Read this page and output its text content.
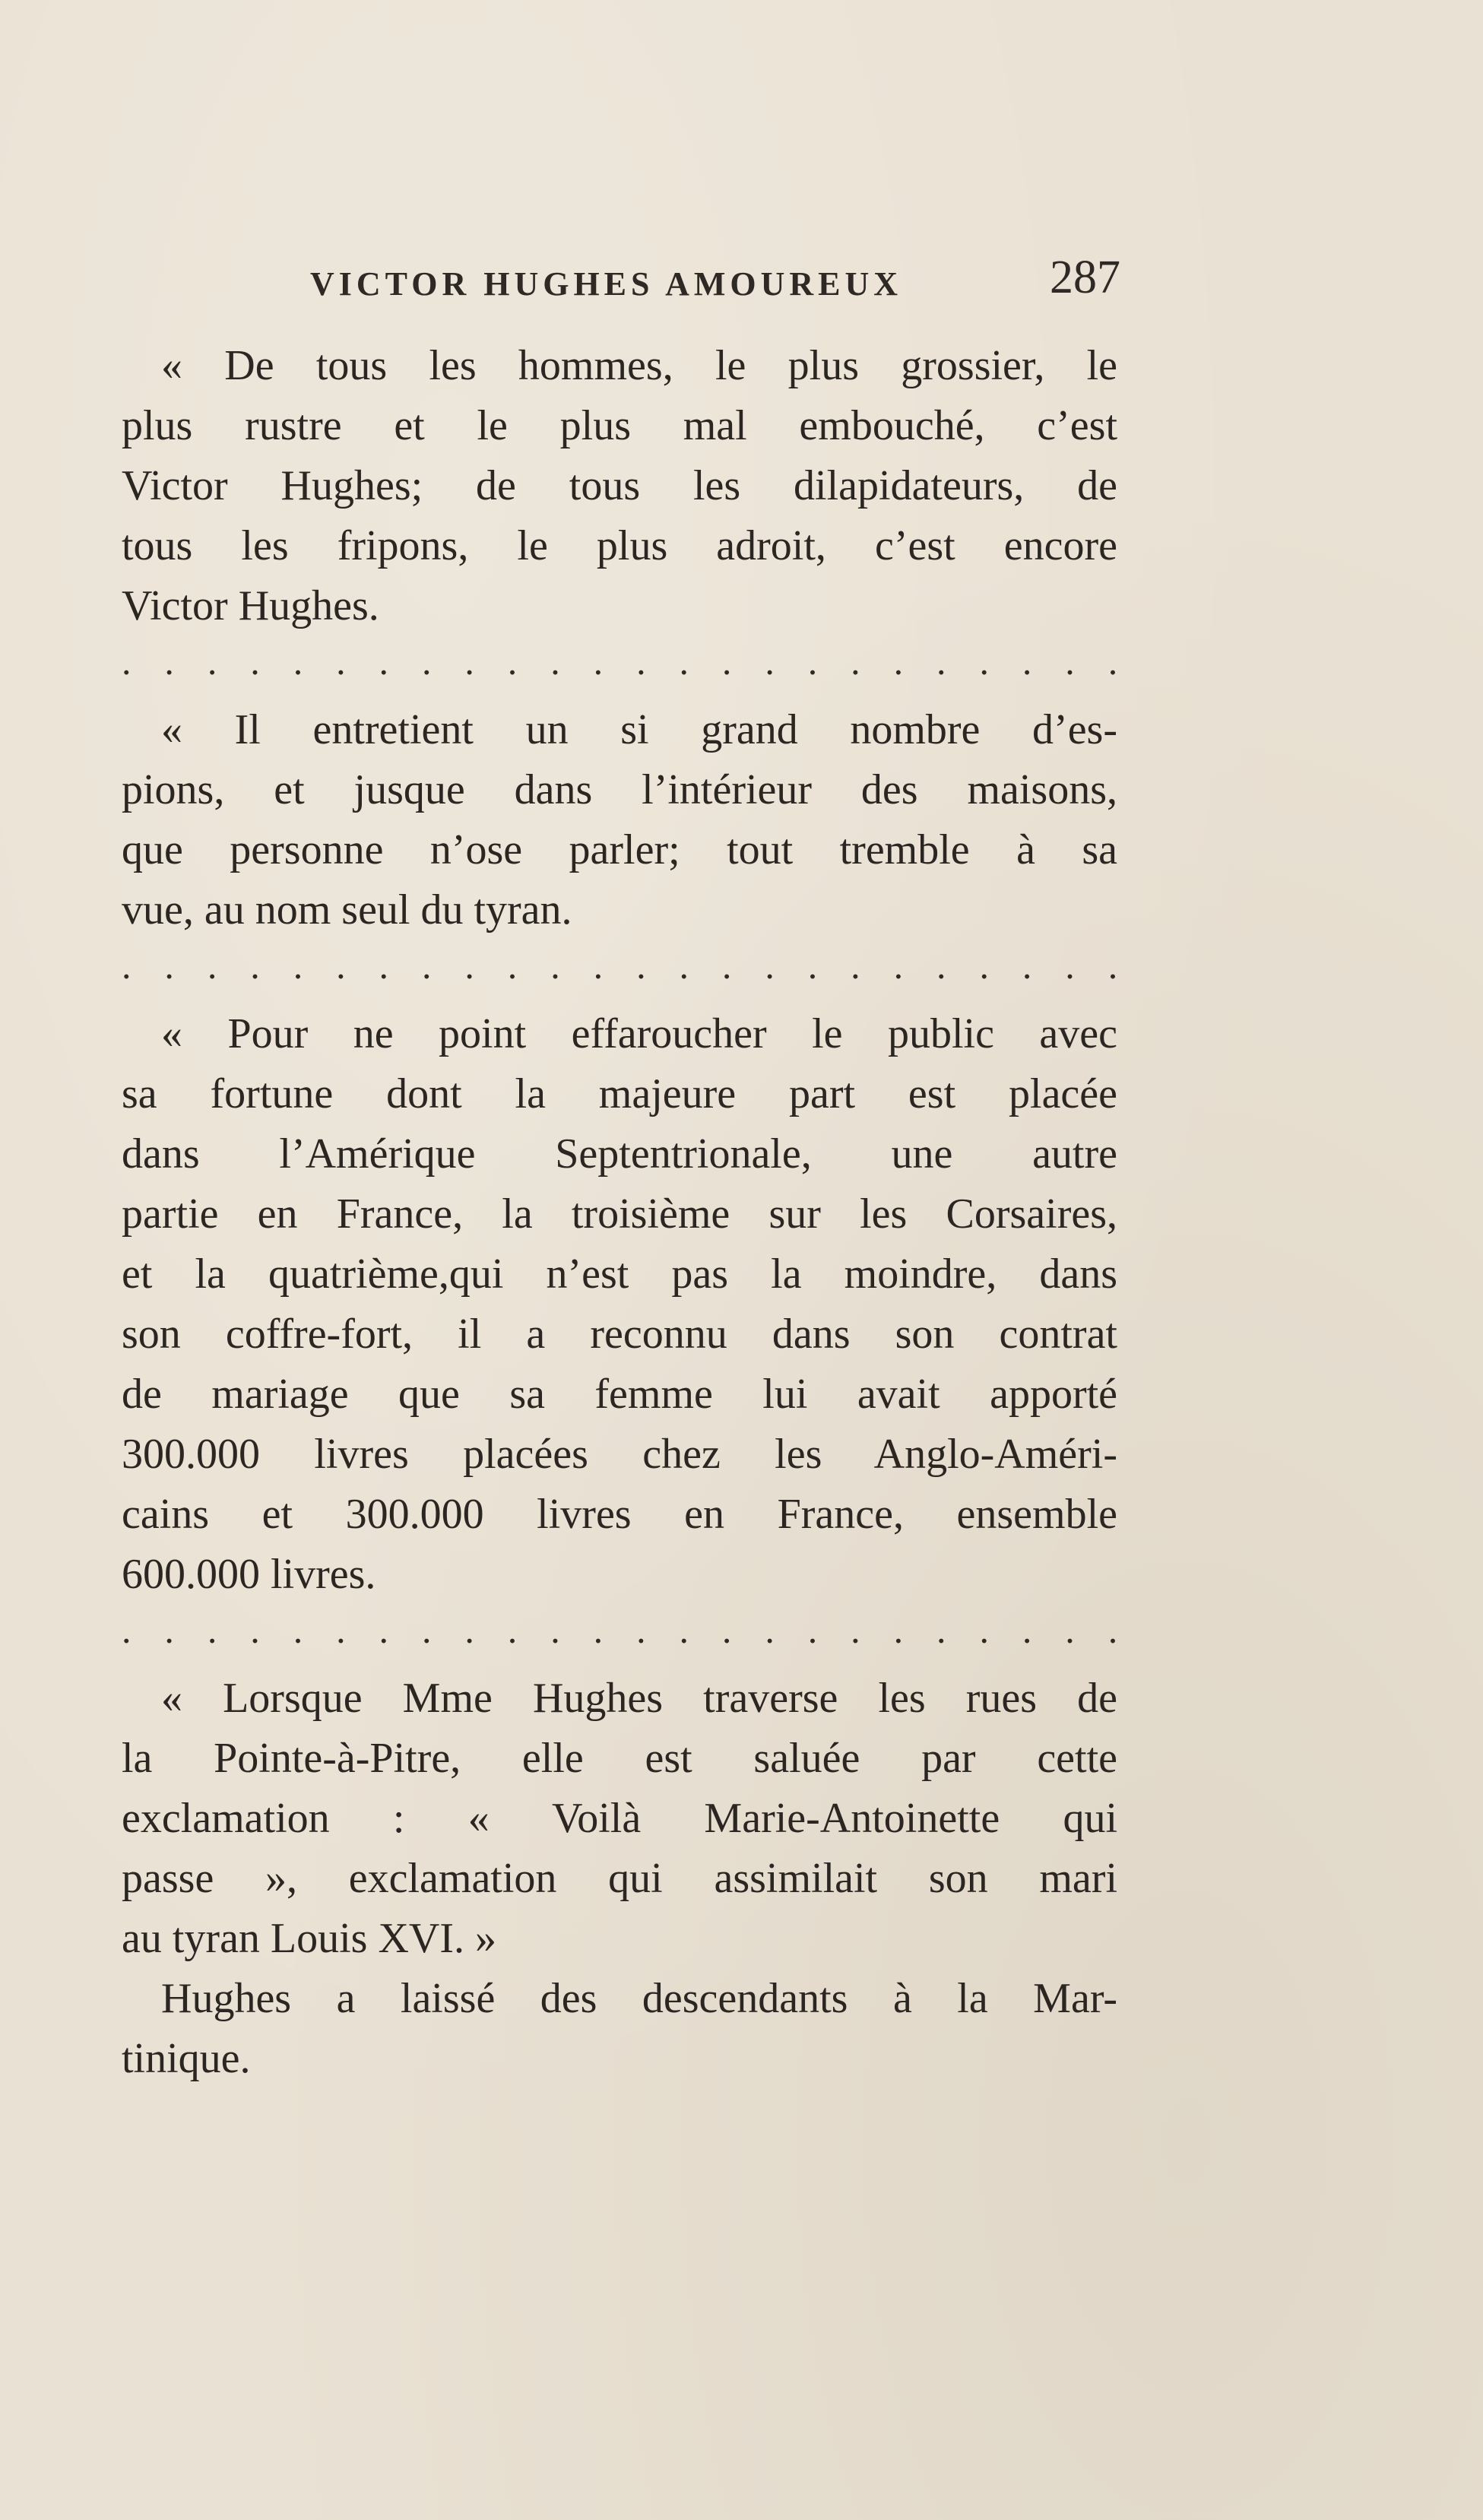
VICTOR HUGHES AMOUREUX	287

« De tous les hommes, le plus grossier, le
plus rustre et le plus mal embouché, c’est
Victor Hughes; de tous les dilapidateurs, de
tous les fripons, le plus adroit, c’est encore
Victor Hughes.

. . . . . . . . . . . . . . . . . . . . . . . .

« Il entretient un si grand nombre d’es-
pions, et jusque dans l’intérieur des maisons,
que personne n’ose parler; tout tremble à sa
vue, au nom seul du tyran.

. . . . . . . . . . . . . . . . . . . . . . . .

« Pour ne point effaroucher le public avec
sa fortune dont la majeure part est placée
dans l’Amérique Septentrionale, une autre
partie en France, la troisième sur les Corsaires,
et la quatrième,qui n’est pas la moindre, dans
son coffre-fort, il a reconnu dans son contrat
de mariage que sa femme lui avait apporté
300.000 livres placées chez les Anglo-Améri-
cains et 300.000 livres en France, ensemble
600.000 livres.

. . . . . . . . . . . . . . . . . . . . . . . .

« Lorsque Mme Hughes traverse les rues de
la Pointe-à-Pitre, elle est saluée par cette
exclamation : « Voilà Marie-Antoinette qui
passe », exclamation qui assimilait son mari
au tyran Louis XVI. »

Hughes a laissé des descendants à la Mar-
tinique.
